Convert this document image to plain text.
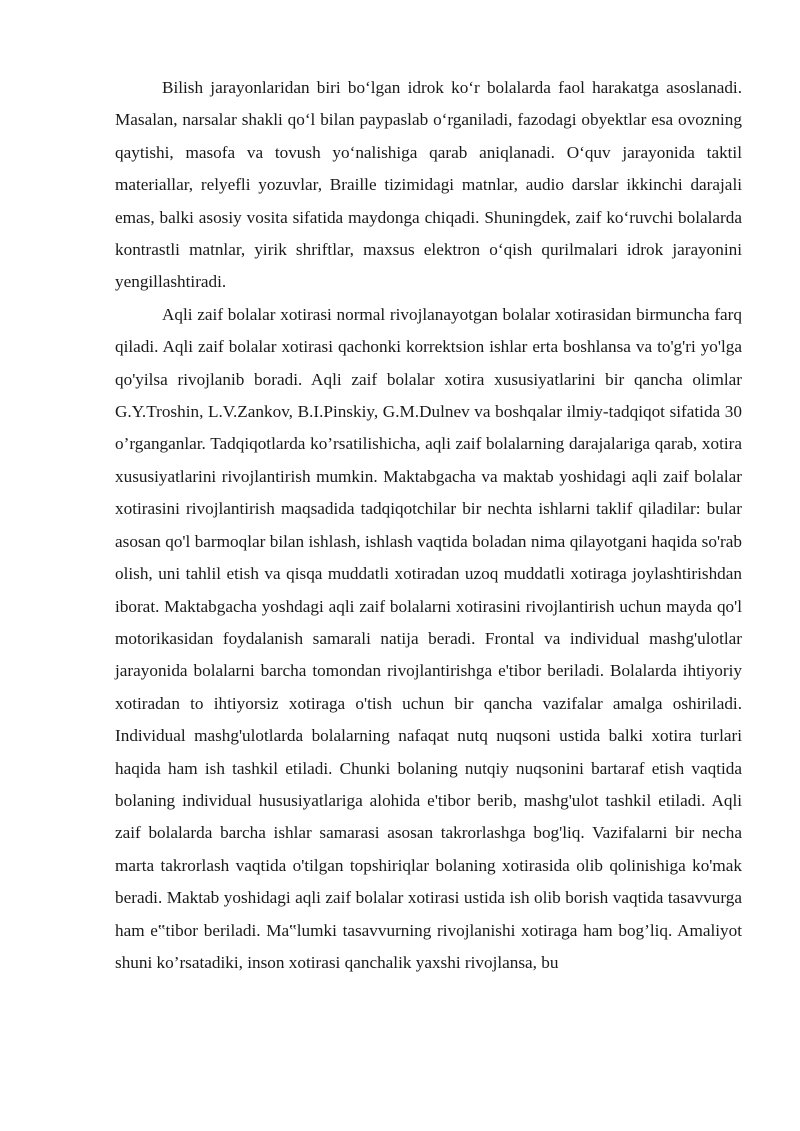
Bilish jarayonlaridan biri bo‘lgan idrok ko‘r bolalarda faol harakatga asoslanadi. Masalan, narsalar shakli qo‘l bilan paypaslab o‘rganiladi, fazodagi obyektlar esa ovozning qaytishi, masofa va tovush yo‘nalishiga qarab aniqlanadi. O‘quv jarayonida taktil materiallar, relyefli yozuvlar, Braille tizimidagi matnlar, audio darslar ikkinchi darajali emas, balki asosiy vosita sifatida maydonga chiqadi. Shuningdek, zaif ko‘ruvchi bolalarda kontrastli matnlar, yirik shriftlar, maxsus elektron o‘qish qurilmalari idrok jarayonini yengillashtiradi.

Aqli zaif bolalar xotirasi normal rivojlanayotgan bolalar xotirasidan birmuncha farq qiladi. Aqli zaif bolalar xotirasi qachonki korrektsion ishlar erta boshlansa va to'g'ri yo'lga qo'yilsa rivojlanib boradi. Aqli zaif bolalar xotira xususiyatlarini bir qancha olimlar G.Y.Troshin, L.V.Zankov, B.I.Pinskiy, G.M.Dulnev va boshqalar ilmiy-tadqiqot sifatida 30 o’rganganlar. Tadqiqotlarda ko’rsatilishicha, aqli zaif bolalarning darajalariga qarab, xotira xususiyatlarini rivojlantirish mumkin. Maktabgacha va maktab yoshidagi aqli zaif bolalar xotirasini rivojlantirish maqsadida tadqiqotchilar bir nechta ishlarni taklif qiladilar: bular asosan qo'l barmoqlar bilan ishlash, ishlash vaqtida boladan nima qilayotgani haqida so'rab olish, uni tahlil etish va qisqa muddatli xotiradan uzoq muddatli xotiraga joylashtirishdan iborat. Maktabgacha yoshdagi aqli zaif bolalarni xotirasini rivojlantirish uchun mayda qo'l motorikasidan foydalanish samarali natija beradi. Frontal va individual mashg'ulotlar jarayonida bolalarni barcha tomondan rivojlantirishga e'tibor beriladi. Bolalarda ihtiyoriy xotiradan to ihtiyorsiz xotiraga o'tish uchun bir qancha vazifalar amalga oshiriladi. Individual mashg'ulotlarda bolalarning nafaqat nutq nuqsoni ustida balki xotira turlari haqida ham ish tashkil etiladi. Chunki bolaning nutqiy nuqsonini bartaraf etish vaqtida bolaning individual hususiyatlariga alohida e'tibor berib, mashg'ulot tashkil etiladi. Aqli zaif bolalarda barcha ishlar samarasi asosan takrorlashga bog'liq. Vazifalarni bir necha marta takrorlash vaqtida o'tilgan topshiriqlar bolaning xotirasida olib qolinishiga ko'mak beradi. Maktab yoshidagi aqli zaif bolalar xotirasi ustida ish olib borish vaqtida tasavvurga ham e‟tibor beriladi. Ma‟lumki tasavvurning rivojlanishi xotiraga ham bog’liq. Amaliyot shuni ko’rsatadiki, inson xotirasi qanchalik yaxshi rivojlansa, bu
